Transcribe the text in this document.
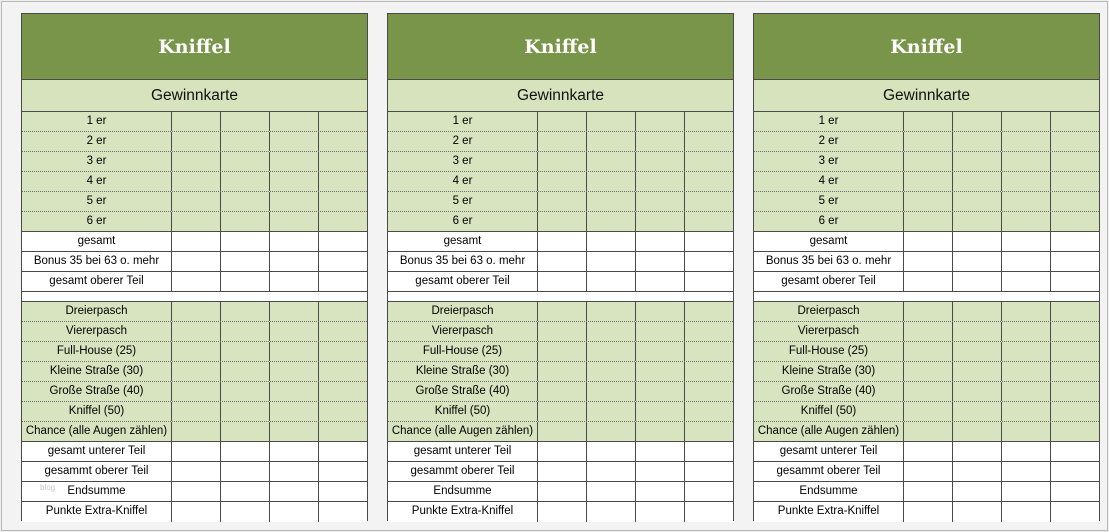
Kniffel
Gewinnkarte
1 er
2 er
3 er
4 er
5 er
6 er
gesamt
Bonus 35 bei 63 o. mehr
gesamt oberer Teil
Dreierpasch
Viererpasch
Full-House (25)
Kleine Straße (30)
Große Straße (40)
Kniffel (50)
Chance (alle Augen zählen)
gesamt unterer Teil
gesammt oberer Teil
Endsumme
Punkte Extra-Kniffel
Kniffel
Gewinnkarte
1 er
2 er
3 er
4 er
5 er
6 er
gesamt
Bonus 35 bei 63 o. mehr
gesamt oberer Teil
Dreierpasch
Viererpasch
Full-House (25)
Kleine Straße (30)
Große Straße (40)
Kniffel (50)
Chance (alle Augen zählen)
gesamt unterer Teil
gesammt oberer Teil
Endsumme
Punkte Extra-Kniffel
Kniffel
Gewinnkarte
1 er
2 er
3 er
4 er
5 er
6 er
gesamt
Bonus 35 bei 63 o. mehr
gesamt oberer Teil
Dreierpasch
Viererpasch
Full-House (25)
Kleine Straße (30)
Große Straße (40)
Kniffel (50)
Chance (alle Augen zählen)
gesamt unterer Teil
gesammt oberer Teil
Endsumme
Punkte Extra-Kniffel
blog
